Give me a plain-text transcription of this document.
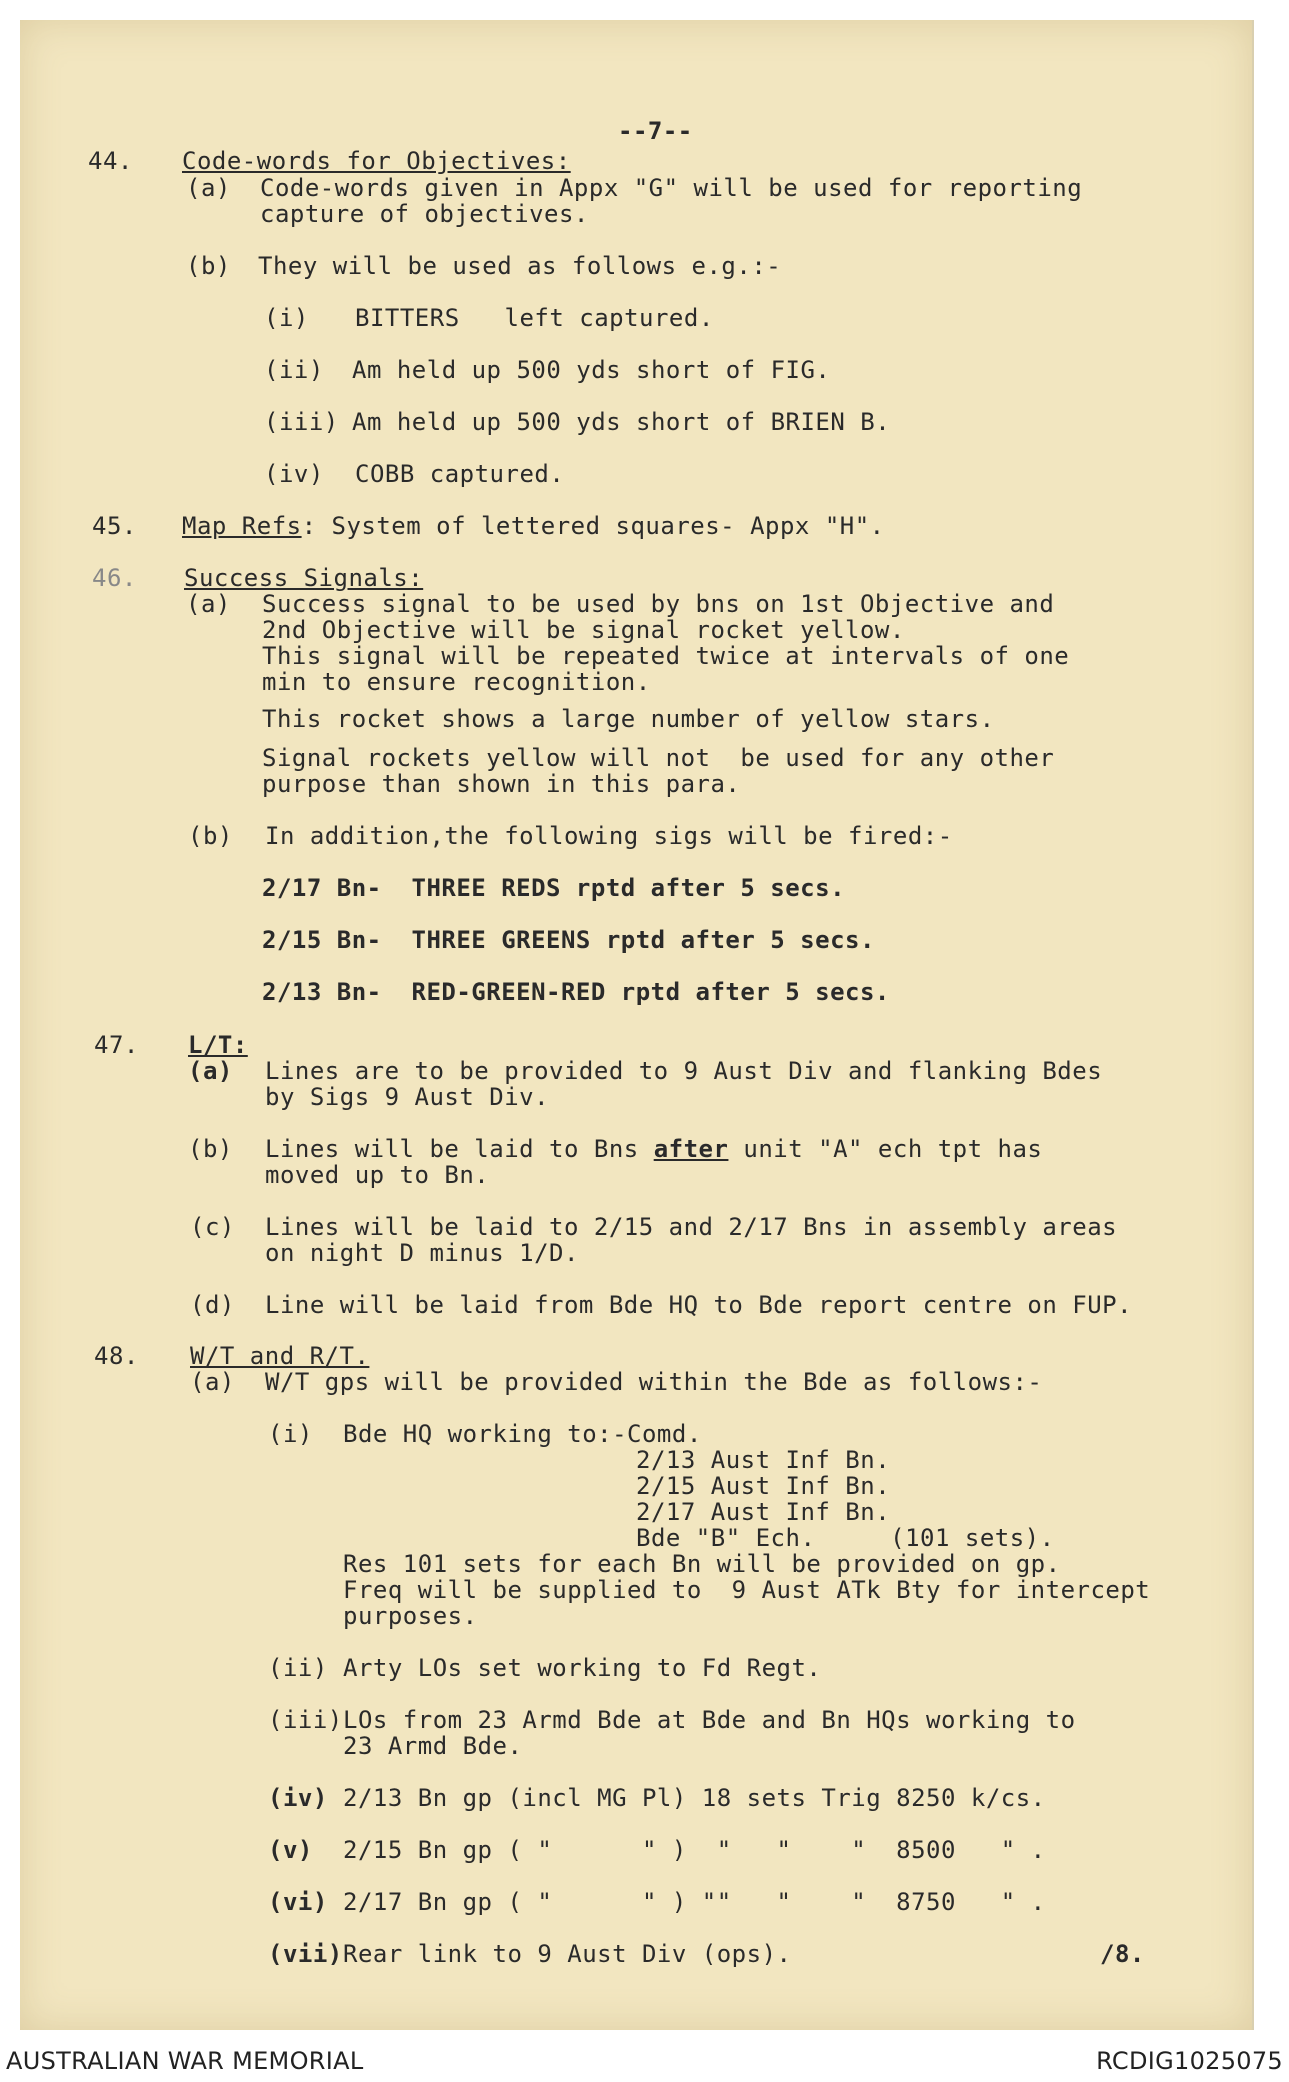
--7--
44. Code-words for Objectives:
(a) Code-words given in Appx "G" will be used for reporting
capture of objectives.
(b) They will be used as follows e.g.:-
(i) BITTERS   left captured.
(ii) Am held up 500 yds short of FIG.
(iii) Am held up 500 yds short of BRIEN B.
(iv) COBB captured.
45. Map Refs: System of lettered squares- Appx "H".
46. Success Signals:
(a) Success signal to be used by bns on 1st Objective and
2nd Objective will be signal rocket yellow.
This signal will be repeated twice at intervals of one
min to ensure recognition.
This rocket shows a large number of yellow stars.
Signal rockets yellow will not  be used for any other
purpose than shown in this para.
(b) In addition,the following sigs will be fired:-
2/17 Bn-  THREE REDS rptd after 5 secs.
2/15 Bn-  THREE GREENS rptd after 5 secs.
2/13 Bn-  RED-GREEN-RED rptd after 5 secs.
47. L/T:
(a) Lines are to be provided to 9 Aust Div and flanking Bdes
by Sigs 9 Aust Div.
(b) Lines will be laid to Bns after unit "A" ech tpt has
moved up to Bn.
(c) Lines will be laid to 2/15 and 2/17 Bns in assembly areas
on night D minus 1/D.
(d) Line will be laid from Bde HQ to Bde report centre on FUP.
48. W/T and R/T.
(a) W/T gps will be provided within the Bde as follows:-
(i) Bde HQ working to:-Comd.
2/13 Aust Inf Bn.
2/15 Aust Inf Bn.
2/17 Aust Inf Bn.
Bde "B" Ech.     (101 sets).
Res 101 sets for each Bn will be provided on gp.
Freq will be supplied to  9 Aust ATk Bty for intercept
purposes.
(ii) Arty LOs set working to Fd Regt.
(iii) LOs from 23 Armd Bde at Bde and Bn HQs working to
23 Armd Bde.
(iv) 2/13 Bn gp (incl MG Pl) 18 sets Trig 8250 k/cs.
(v) 2/15 Bn gp ( "      " )  "   "    "  8500   " .
(vi) 2/17 Bn gp ( "      " ) ""   "    "  8750   " .
(vii) Rear link to 9 Aust Div (ops).	/8.
AUSTRALIAN WAR MEMORIAL	RCDIG1025075
